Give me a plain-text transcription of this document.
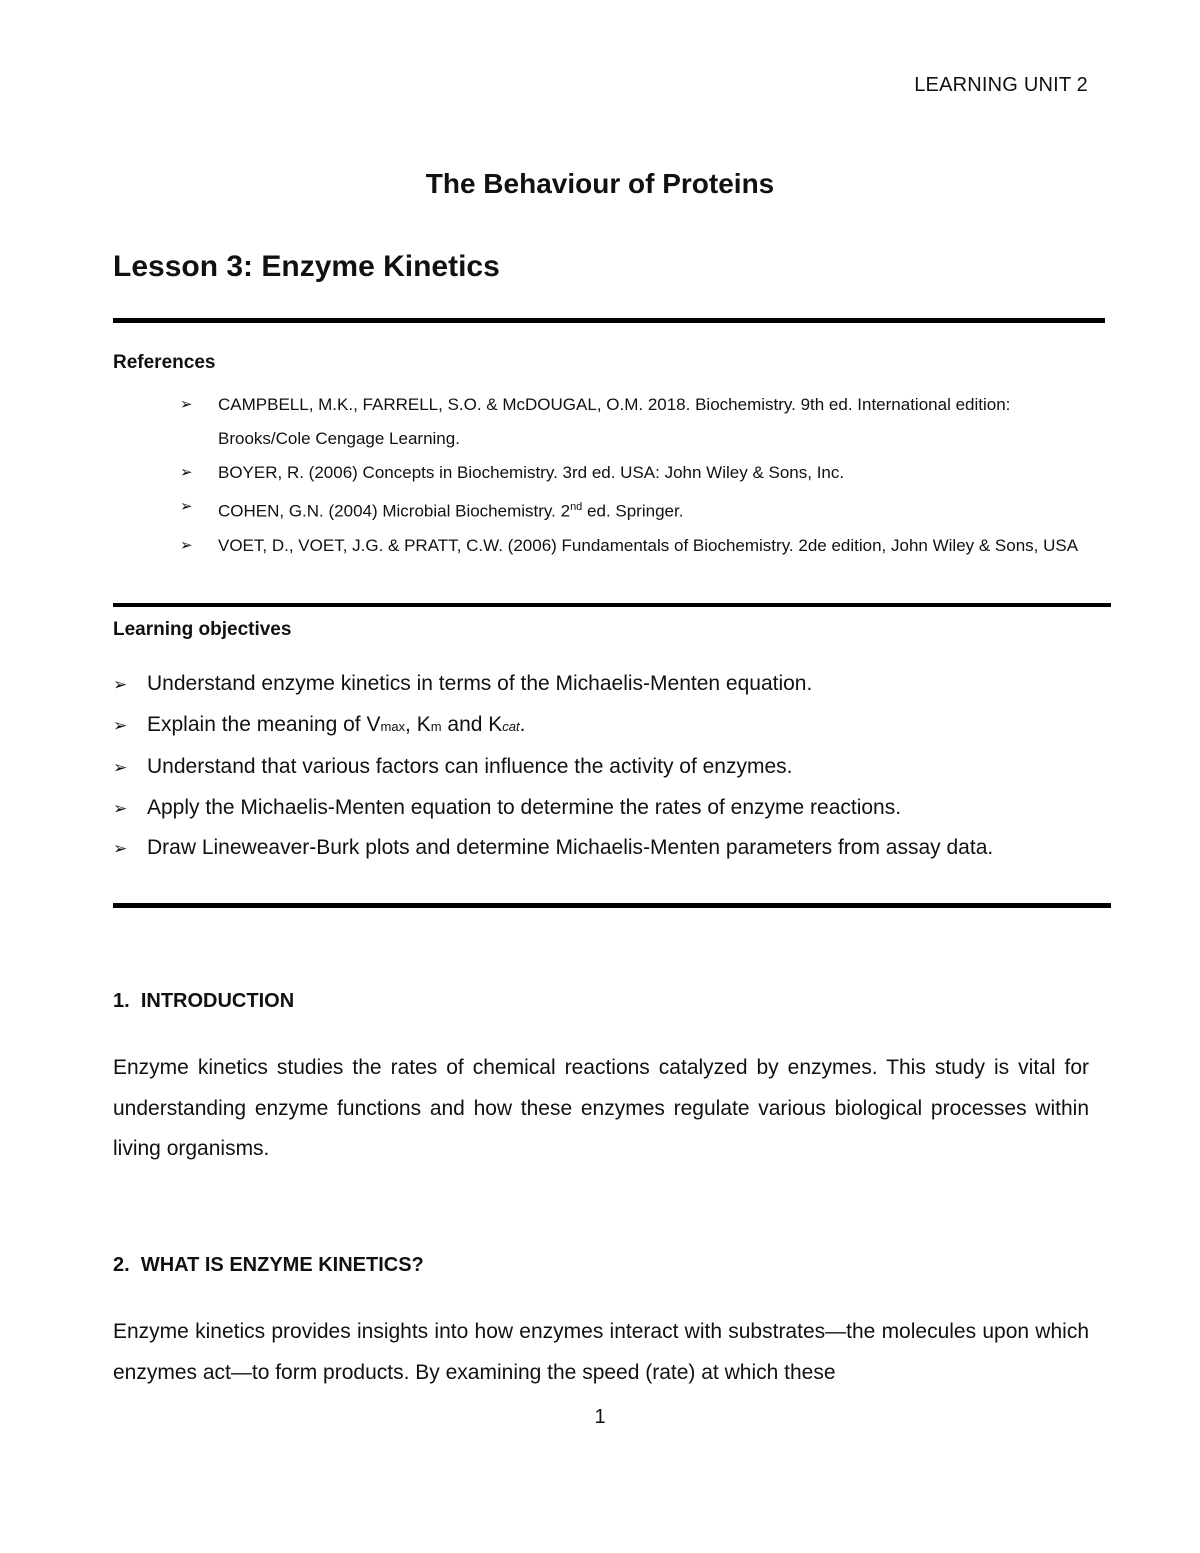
LEARNING UNIT 2
The Behaviour of Proteins
Lesson 3: Enzyme Kinetics
References
➢ CAMPBELL, M.K., FARRELL, S.O. & McDOUGAL, O.M. 2018. Biochemistry. 9th ed. International edition: Brooks/Cole Cengage Learning.
➢ BOYER, R. (2006) Concepts in Biochemistry. 3rd ed. USA: John Wiley & Sons, Inc.
➢ COHEN, G.N. (2004) Microbial Biochemistry. 2nd ed. Springer.
➢ VOET, D., VOET, J.G. & PRATT, C.W. (2006) Fundamentals of Biochemistry. 2de edition, John Wiley & Sons, USA
Learning objectives
➢ Understand enzyme kinetics in terms of the Michaelis-Menten equation.
➢ Explain the meaning of Vmax, Km and Kcat.
➢ Understand that various factors can influence the activity of enzymes.
➢ Apply the Michaelis-Menten equation to determine the rates of enzyme reactions.
➢ Draw Lineweaver-Burk plots and determine Michaelis-Menten parameters from assay data.
1. INTRODUCTION

Enzyme kinetics studies the rates of chemical reactions catalyzed by enzymes. This study is vital for understanding enzyme functions and how these enzymes regulate various biological processes within living organisms.

2. WHAT IS ENZYME KINETICS?

Enzyme kinetics provides insights into how enzymes interact with substrates—the molecules upon which enzymes act—to form products. By examining the speed (rate) at which these

1
